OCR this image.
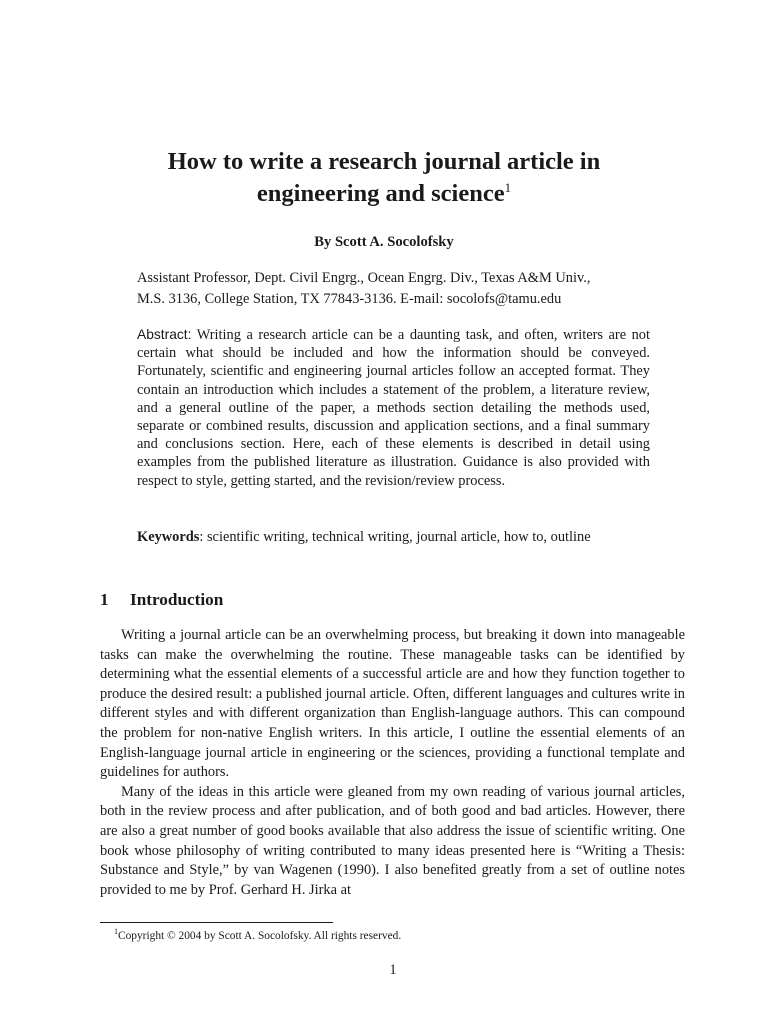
How to write a research journal article in
engineering and science$^1$
By Scott A. Socolofsky
Assistant Professor, Dept. Civil Engrg., Ocean Engrg. Div., Texas A&M Univ.,
M.S. 3136, College Station, TX 77843-3136. E-mail: socolofs@tamu.edu
Abstract: Writing a research article can be a daunting task, and often, writers are not certain what should be included and how the information should be conveyed. Fortunately, scientific and engineering journal articles follow an accepted format. They contain an introduction which includes a statement of the problem, a literature review, and a general outline of the paper, a methods section detailing the methods used, separate or combined results, discussion and application sections, and a final summary and conclusions section. Here, each of these elements is described in detail using examples from the published literature as illustration. Guidance is also provided with respect to style, getting started, and the revision/review process.
Keywords: scientific writing, technical writing, journal article, how to, outline
1 Introduction

Writing a journal article can be an overwhelming process, but breaking it down into manageable tasks can make the overwhelming the routine. These manageable tasks can be identified by determining what the essential elements of a successful article are and how they function together to produce the desired result: a published journal article. Often, different languages and cultures write in different styles and with different organization than English-language authors. This can compound the problem for non-native English writers. In this article, I outline the essential elements of an English-language journal article in engineering or the sciences, providing a functional template and guidelines for authors.

Many of the ideas in this article were gleaned from my own reading of various journal articles, both in the review process and after publication, and of both good and bad articles. However, there are also a great number of good books available that also address the issue of scientific writing. One book whose philosophy of writing contributed to many ideas presented here is “Writing a Thesis: Substance and Style,” by van Wagenen (1990). I also benefited greatly from a set of outline notes provided to me by Prof. Gerhard H. Jirka at

$^1$Copyright © 2004 by Scott A. Socolofsky. All rights reserved.
1
